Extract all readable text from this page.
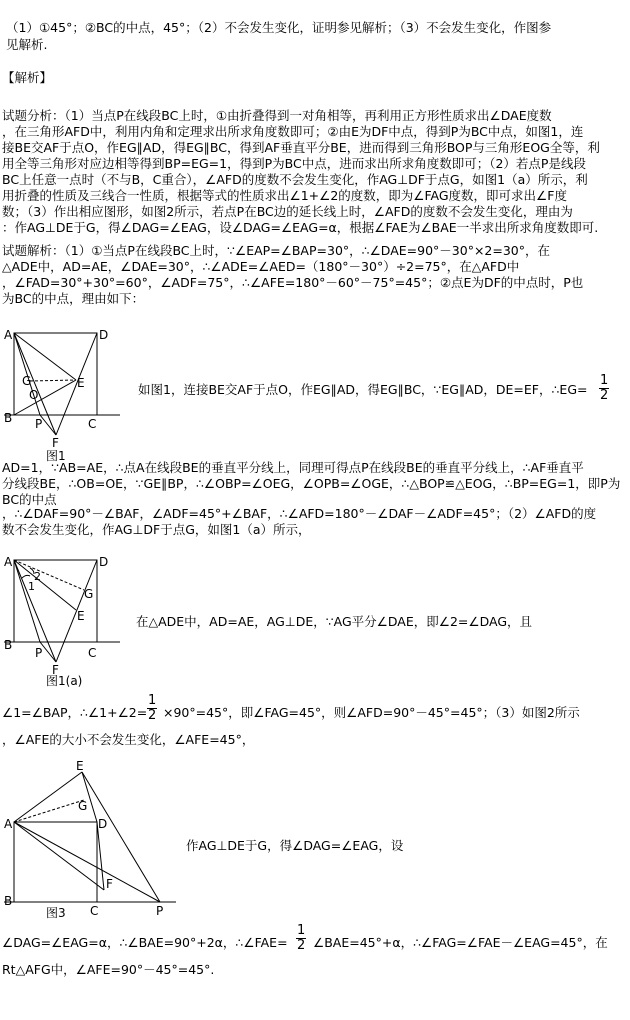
（1）①45°；②BC的中点，45°；（2）不会发生变化，证明参见解析；（3）不会发生变化，作图参
见解析.
【解析】
试题分析：（1）当点P在线段BC上时，①由折叠得到一对角相等，再利用正方形性质求出∠DAE度数
，在三角形AFD中，利用内角和定理求出所求角度数即可；②由E为DF中点，得到P为BC中点，如图1，连
接BE交AF于点O，作EG∥AD，得EG∥BC，得到AF垂直平分BE，进而得到三角形BOP与三角形EOG全等，利
用全等三角形对应边相等得到BP=EG=1，得到P为BC中点，进而求出所求角度数即可；（2）若点P是线段
BC上任意一点时（不与B，C重合），∠AFD的度数不会发生变化，作AG⊥DF于点G，如图1（a）所示，利
用折叠的性质及三线合一性质，根据等式的性质求出∠1+∠2的度数，即为∠FAG度数，即可求出∠F度
数；（3）作出相应图形，如图2所示，若点P在BC边的延长线上时，∠AFD的度数不会发生变化，理由为
：作AG⊥DE于G，得∠DAG=∠EAG，设∠DAG=∠EAG=α，根据∠FAE为∠BAE一半求出所求角度数即可.
试题解析：（1）①当点P在线段BC上时，∵∠EAP=∠BAP=30°，∴∠DAE=90°－30°×2=30°，在
△ADE中，AD=AE，∠DAE=30°，∴∠ADE=∠AED=（180°－30°）÷2=75°，在△AFD中
，∠FAD=30°+30°=60°，∠ADF=75°，∴∠AFE=180°－60°－75°=45°；②点E为DF的中点时，P也
为BC的中点，理由如下：
A	D
G	E
O
B P	C
F
图1
如图1，连接BE交AF于点O，作EG∥AD，得EG∥BC，∵EG∥AD，DE=EF，∴EG= $\frac{1}{2}$
AD=1，∵AB=AE，∴点A在线段BE的垂直平分线上，同理可得点P在线段BE的垂直平分线上，∴AF垂直平
分线段BE，∴OB=OE，∵GE∥BP，∴∠OBP=∠OEG，∠OPB=∠OGE，∴△BOP≌△EOG，∴BP=EG=1，即P为
BC的中点
，∴∠DAF=90°－∠BAF，∠ADF=45°+∠BAF，∴∠AFD=180°－∠DAF－∠ADF=45°；（2）∠AFD的度
数不会发生变化，作AG⊥DF于点G，如图1（a）所示，
A	D
2
1
G
E
B
P	C
F
图1(a)
在△ADE中，AD=AE，AG⊥DE，∵AG平分∠DAE，即∠2=∠DAG，且
∠1=∠BAP，∴∠1+∠2= $\frac{1}{2} \times 90^\circ=45^\circ$，即∠FAG=45°，则∠AFD=90°－45°=45°；（3）如图2所示
，∠AFE的大小不会发生变化，∠AFE=45°，
E
G
A	D
F
B
C	P
图3
作AG⊥DE于G，得∠DAG=∠EAG，设
∠DAG=∠EAG=α，∴∠BAE=90°+2α，∴∠FAE= $\frac{1}{2}$ ∠BAE=45°+α，∴∠FAG=∠FAE－∠EAG=45°，在
Rt△AFG中，∠AFE=90°－45°=45°.
